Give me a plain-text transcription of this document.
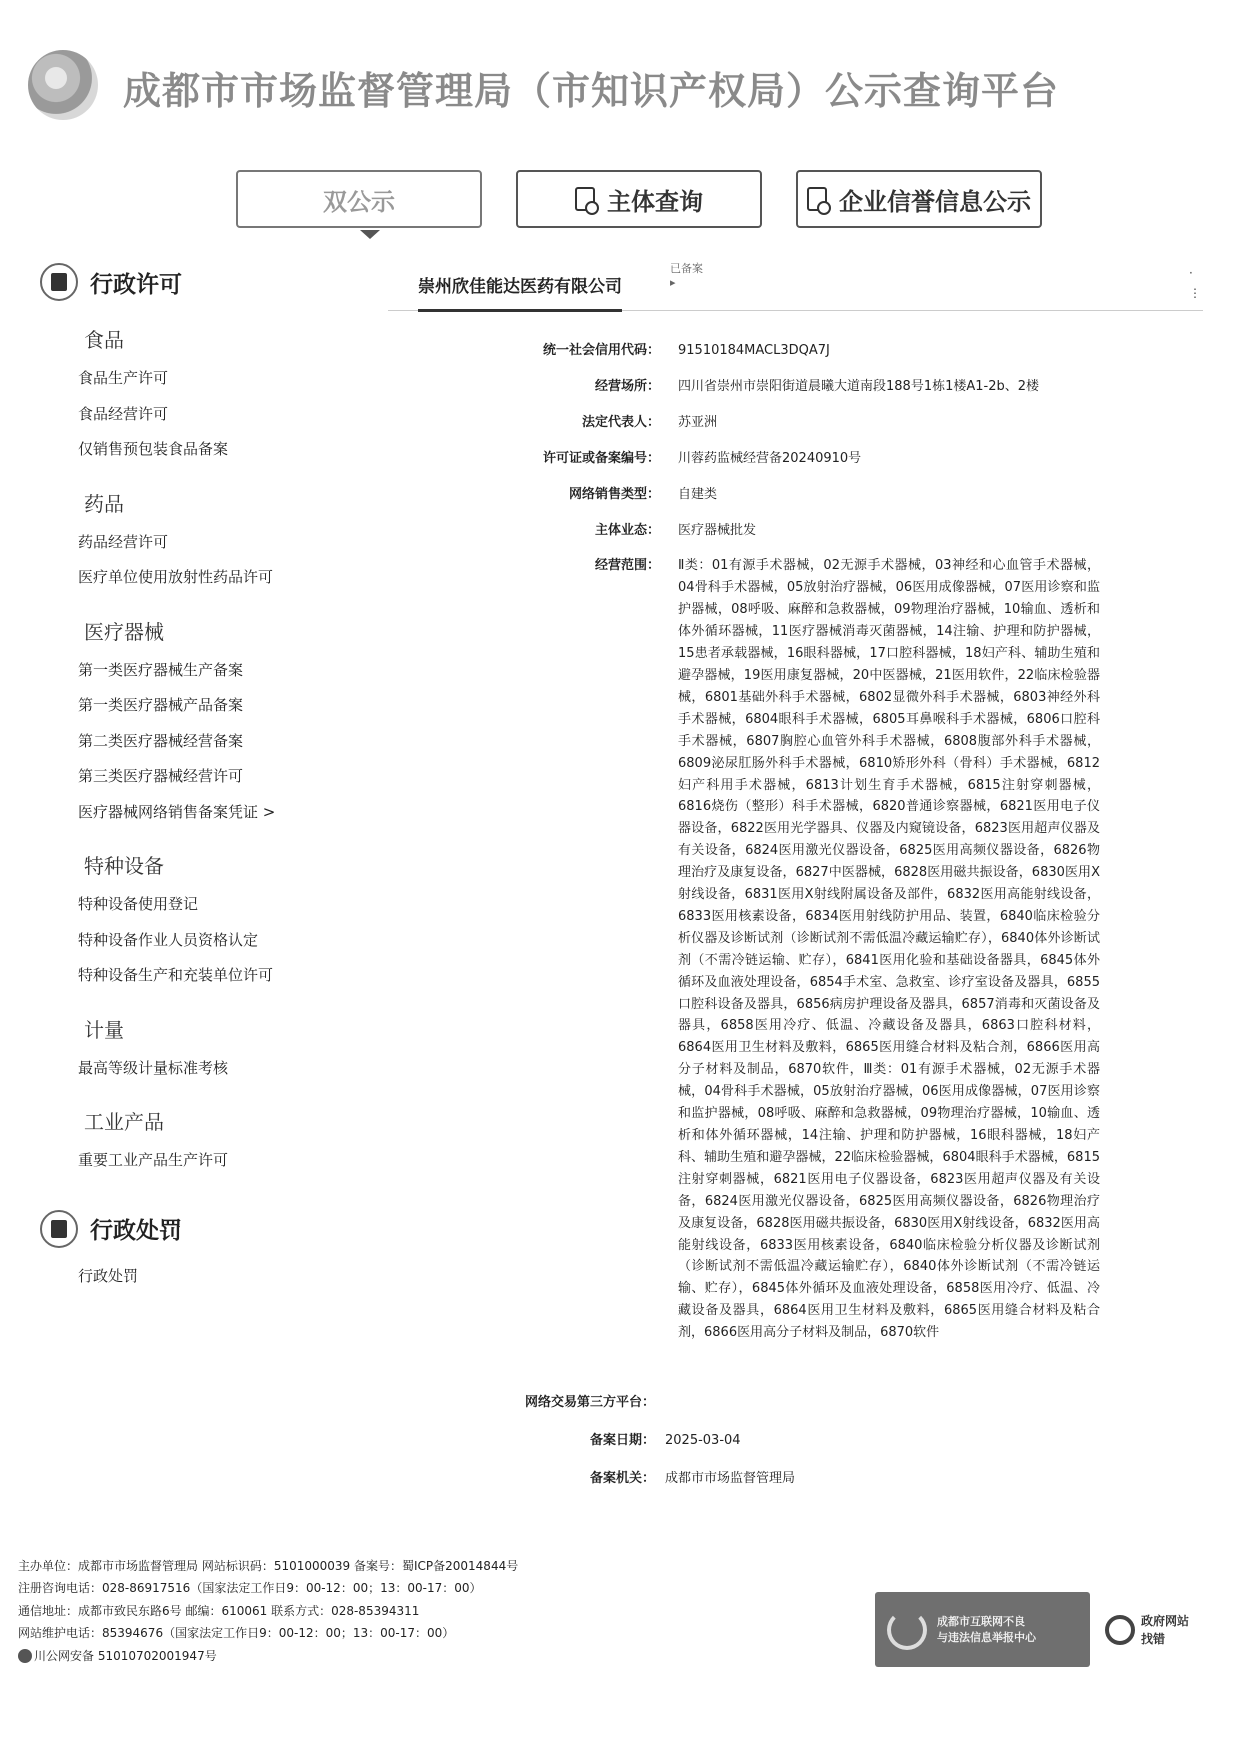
成都市市场监督管理局（市知识产权局）公示查询平台
双公示	主体查询	企业信誉信息公示
行政许可
食品
食品生产许可
食品经营许可
仅销售预包装食品备案
药品
药品经营许可
医疗单位使用放射性药品许可
医疗器械
第一类医疗器械生产备案
第一类医疗器械产品备案
第二类医疗器械经营备案
第三类医疗器械经营许可
医疗器械网络销售备案凭证 >
特种设备
特种设备使用登记
特种设备作业人员资格认定
特种设备生产和充装单位许可
计量
最高等级计量标准考核
工业产品
重要工业产品生产许可
行政处罚
行政处罚
崇州欣佳能达医药有限公司
已备案
▸
·

⋮
统一社会信用代码： 91510184MACL3DQA7J
经营场所： 四川省崇州市崇阳街道晨曦大道南段188号1栋1楼A1-2b、2楼
法定代表人： 苏亚洲
许可证或备案编号： 川蓉药监械经营备20240910号
网络销售类型： 自建类
主体业态： 医疗器械批发
经营范围： Ⅱ类：01有源手术器械，02无源手术器械，03神经和心血管手术器械，04骨科手术器械，05放射治疗器械，06医用成像器械，07医用诊察和监护器械，08呼吸、麻醉和急救器械，09物理治疗器械，10输血、透析和体外循环器械，11医疗器械消毒灭菌器械，14注输、护理和防护器械，15患者承载器械，16眼科器械，17口腔科器械，18妇产科、辅助生殖和避孕器械，19医用康复器械，20中医器械，21医用软件，22临床检验器械，6801基础外科手术器械，6802显微外科手术器械，6803神经外科手术器械，6804眼科手术器械，6805耳鼻喉科手术器械，6806口腔科手术器械，6807胸腔心血管外科手术器械，6808腹部外科手术器械，6809泌尿肛肠外科手术器械，6810矫形外科（骨科）手术器械，6812妇产科用手术器械，6813计划生育手术器械，6815注射穿刺器械，6816烧伤（整形）科手术器械，6820普通诊察器械，6821医用电子仪器设备，6822医用光学器具、仪器及内窥镜设备，6823医用超声仪器及有关设备，6824医用激光仪器设备，6825医用高频仪器设备，6826物理治疗及康复设备，6827中医器械，6828医用磁共振设备，6830医用X射线设备，6831医用X射线附属设备及部件，6832医用高能射线设备，6833医用核素设备，6834医用射线防护用品、装置，6840临床检验分析仪器及诊断试剂（诊断试剂不需低温冷藏运输贮存），6840体外诊断试剂（不需冷链运输、贮存），6841医用化验和基础设备器具，6845体外循环及血液处理设备，6854手术室、急救室、诊疗室设备及器具，6855口腔科设备及器具，6856病房护理设备及器具，6857消毒和灭菌设备及器具，6858医用冷疗、低温、冷藏设备及器具，6863口腔科材料，6864医用卫生材料及敷料，6865医用缝合材料及粘合剂，6866医用高分子材料及制品，6870软件，Ⅲ类：01有源手术器械，02无源手术器械，04骨科手术器械，05放射治疗器械，06医用成像器械，07医用诊察和监护器械，08呼吸、麻醉和急救器械，09物理治疗器械，10输血、透析和体外循环器械，14注输、护理和防护器械，16眼科器械，18妇产科、辅助生殖和避孕器械，22临床检验器械，6804眼科手术器械，6815注射穿刺器械，6821医用电子仪器设备，6823医用超声仪器及有关设备，6824医用激光仪器设备，6825医用高频仪器设备，6826物理治疗及康复设备，6828医用磁共振设备，6830医用X射线设备，6832医用高能射线设备，6833医用核素设备，6840临床检验分析仪器及诊断试剂（诊断试剂不需低温冷藏运输贮存），6840体外诊断试剂（不需冷链运输、贮存），6845体外循环及血液处理设备，6858医用冷疗、低温、冷藏设备及器具，6864医用卫生材料及敷料，6865医用缝合材料及粘合剂，6866医用高分子材料及制品，6870软件
网络交易第三方平台：
备案日期： 2025-03-04
备案机关： 成都市市场监督管理局
主办单位：成都市市场监督管理局 网站标识码：5101000039 备案号：蜀ICP备20014844号
注册咨询电话：028-86917516（国家法定工作日9：00-12：00；13：00-17：00）
通信地址：成都市致民东路6号 邮编：610061 联系方式：028-85394311
网站维护电话：85394676（国家法定工作日9：00-12：00；13：00-17：00）
川公网安备 51010702001947号
成都市互联网不良
与违法信息举报中心
政府网站
找错
